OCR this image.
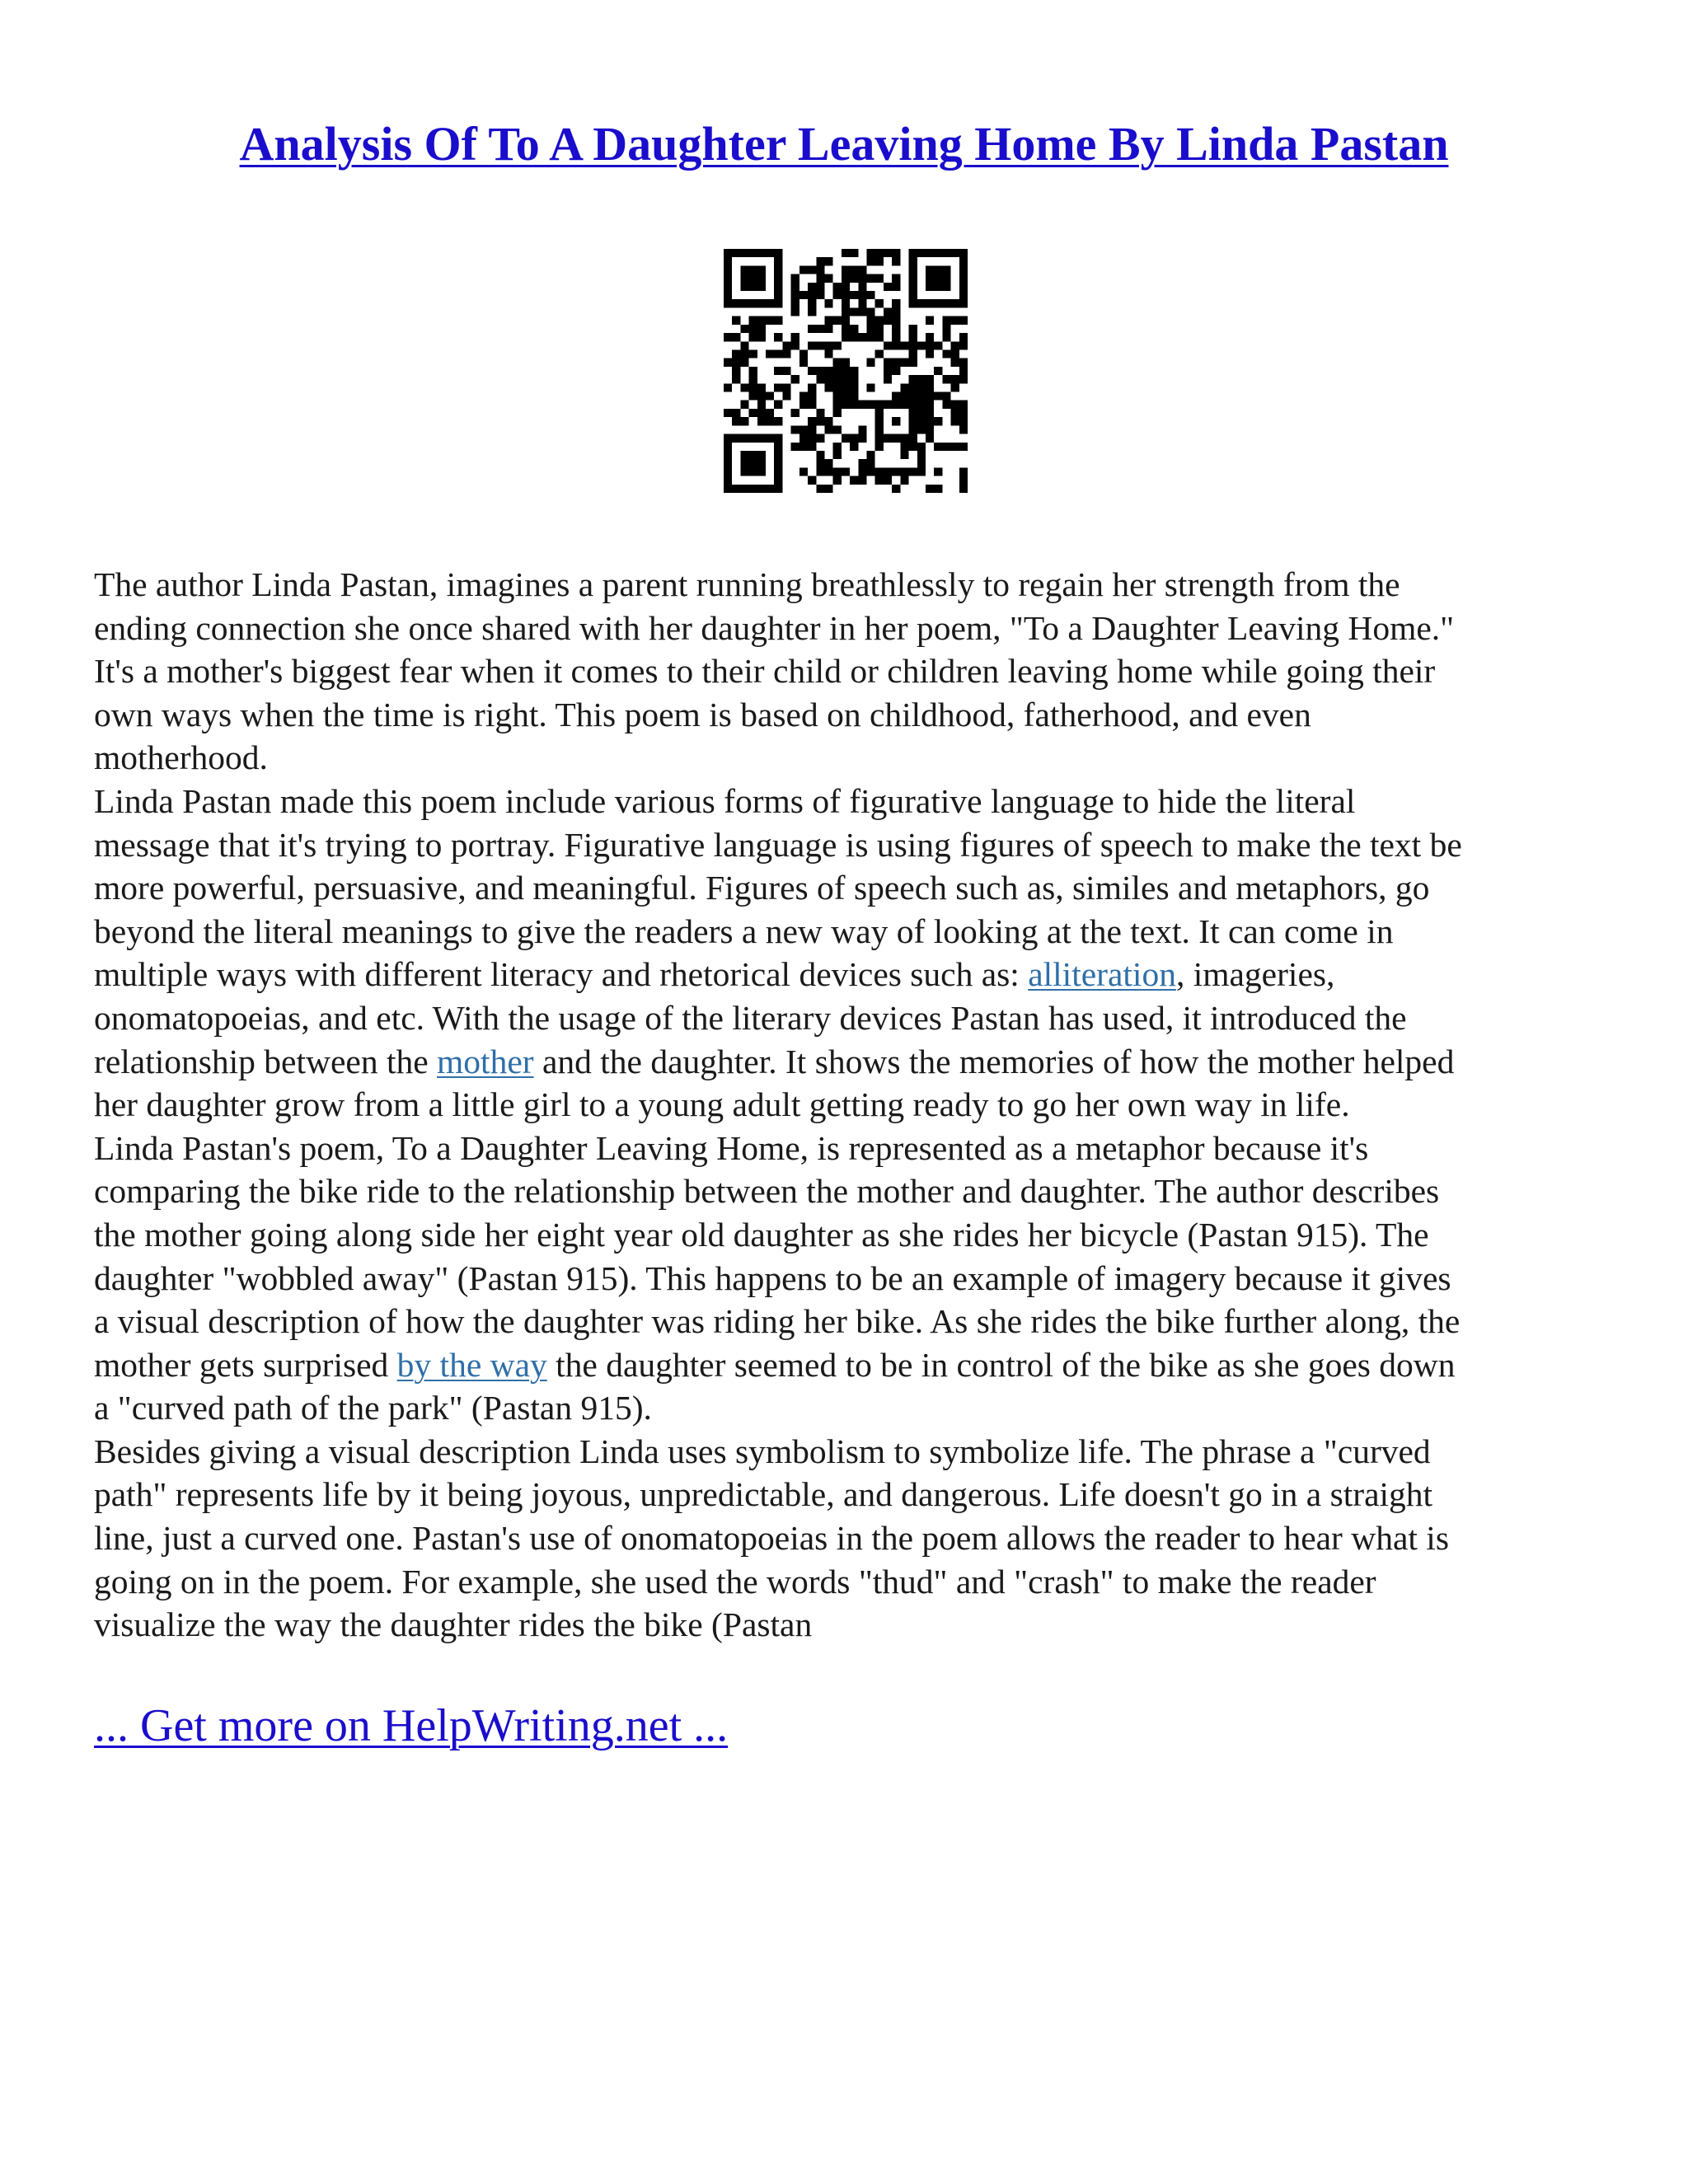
Analysis Of To A Daughter Leaving Home By Linda Pastan
The author Linda Pastan, imagines a parent running breathlessly to regain her strength from the
ending connection she once shared with her daughter in her poem, "To a Daughter Leaving Home."
It's a mother's biggest fear when it comes to their child or children leaving home while going their
own ways when the time is right. This poem is based on childhood, fatherhood, and even
motherhood.
Linda Pastan made this poem include various forms of figurative language to hide the literal
message that it's trying to portray. Figurative language is using figures of speech to make the text be
more powerful, persuasive, and meaningful. Figures of speech such as, similes and metaphors, go
beyond the literal meanings to give the readers a new way of looking at the text. It can come in
multiple ways with different literacy and rhetorical devices such as: alliteration, imageries,
onomatopoeias, and etc. With the usage of the literary devices Pastan has used, it introduced the
relationship between the mother and the daughter. It shows the memories of how the mother helped
her daughter grow from a little girl to a young adult getting ready to go her own way in life.
Linda Pastan's poem, To a Daughter Leaving Home, is represented as a metaphor because it's
comparing the bike ride to the relationship between the mother and daughter. The author describes
the mother going along side her eight year old daughter as she rides her bicycle (Pastan 915). The
daughter "wobbled away" (Pastan 915). This happens to be an example of imagery because it gives
a visual description of how the daughter was riding her bike. As she rides the bike further along, the
mother gets surprised by the way the daughter seemed to be in control of the bike as she goes down
a "curved path of the park" (Pastan 915).
Besides giving a visual description Linda uses symbolism to symbolize life. The phrase a "curved
path" represents life by it being joyous, unpredictable, and dangerous. Life doesn't go in a straight
line, just a curved one. Pastan's use of onomatopoeias in the poem allows the reader to hear what is
going on in the poem. For example, she used the words "thud" and "crash" to make the reader
visualize the way the daughter rides the bike (Pastan
... Get more on HelpWriting.net ...
